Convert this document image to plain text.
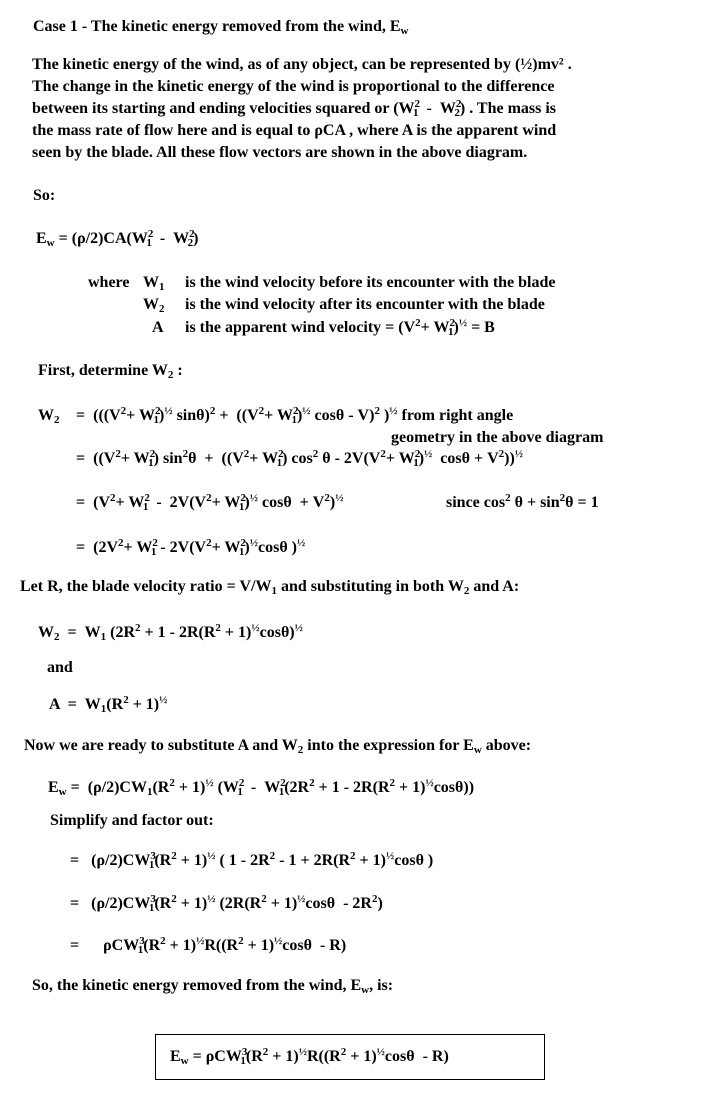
Case 1 - The kinetic energy removed from the wind, $E_w$
The kinetic energy of the wind, as of any object, can be represented by (½)mv² .
The change in the kinetic energy of the wind is proportional to the difference
between its starting and ending velocities squared or $(W^2_1 - W^2_2)$ . The mass is
the mass rate of flow here and is equal to ρCA , where A is the apparent wind
seen by the blade. All these flow vectors are shown in the above diagram.
So:
$E_w = (\rho/2)CA(W^2_1 - W^2_2)$
where $W_1$ is the wind velocity before its encounter with the blade
$W_2$ is the wind velocity after its encounter with the blade
A is the apparent wind velocity = $(V^2+ W^2_1)^{\frac{1}{2}} = B$
First, determine $W_2$ :
$W_2 = (((V^2+ W^2_1)^{\frac{1}{2}}$ $\sin\theta)^2 + ((V^2+ W^2_1)^{\frac{1}{2}}$ cosθ - V)$^2$ )$^{\frac{1}{2}}$ from right angle
geometry in the above diagram
=  ($(V^2+ W^2_1) \sin^2\theta + ((V^2+ W^2_1)$ $\cos^2 \theta - 2V(V^2+ W^2_1)^{\frac{1}{2}}$  $\cos\theta + V^2))^{\frac{1}{2}}$
=  ($V^2+ W^2_1 - 2V(V^2+ W^2_1)^{\frac{1}{2}}$ $\cos\theta + V^2)^{\frac{1}{2}}$	since $\cos^2 \theta + \sin^2\theta = 1$
=  ($2V^2+ W^2_1 - 2V(V^2+ W^2_1)^{\frac{1}{2}}\cos\theta$ )$^{\frac{1}{2}}$
Let R, the blade velocity ratio = $V/W_1$ and substituting in both $W_2$ and A:
$W_2 = W_1$ $(2R^2 + 1 - 2R(R^2 + 1)^{\frac{1}{2}}\cos\theta)^{\frac{1}{2}}$
and
$A = W_1(R^2 + 1)^{\frac{1}{2}}$
Now we are ready to substitute A and $W_2$ into the expression for $E_w$ above:
$E_w = (\rho/2)CW_1(R^2 + 1)^{\frac{1}{2}}$ $(W^2_1 - W^2_1(2R^2 + 1 - 2R(R^2 + 1)^{\frac{1}{2}}\cos\theta))$
Simplify and factor out:
=   $(\rho/2)CW^3_1(R^2 + 1)^{\frac{1}{2}}$ ( $1 - 2R^2 - 1 + 2R(R^2 + 1)^{\frac{1}{2}}\cos\theta$ )
=   $(\rho/2)CW^3_1(R^2 + 1)^{\frac{1}{2}}$ $(2R(R^2 + 1)^{\frac{1}{2}}\cos\theta - 2R^2)$
=      $\rho CW^3_1(R^2 + 1)^{\frac{1}{2}}R((R^2 + 1)^{\frac{1}{2}}\cos\theta - R)$
So, the kinetic energy removed from the wind, $E_w$, is:
$E_w = \rho CW^3_1(R^2 + 1)^{\frac{1}{2}}R((R^2 + 1)^{\frac{1}{2}}\cos\theta - R)$
